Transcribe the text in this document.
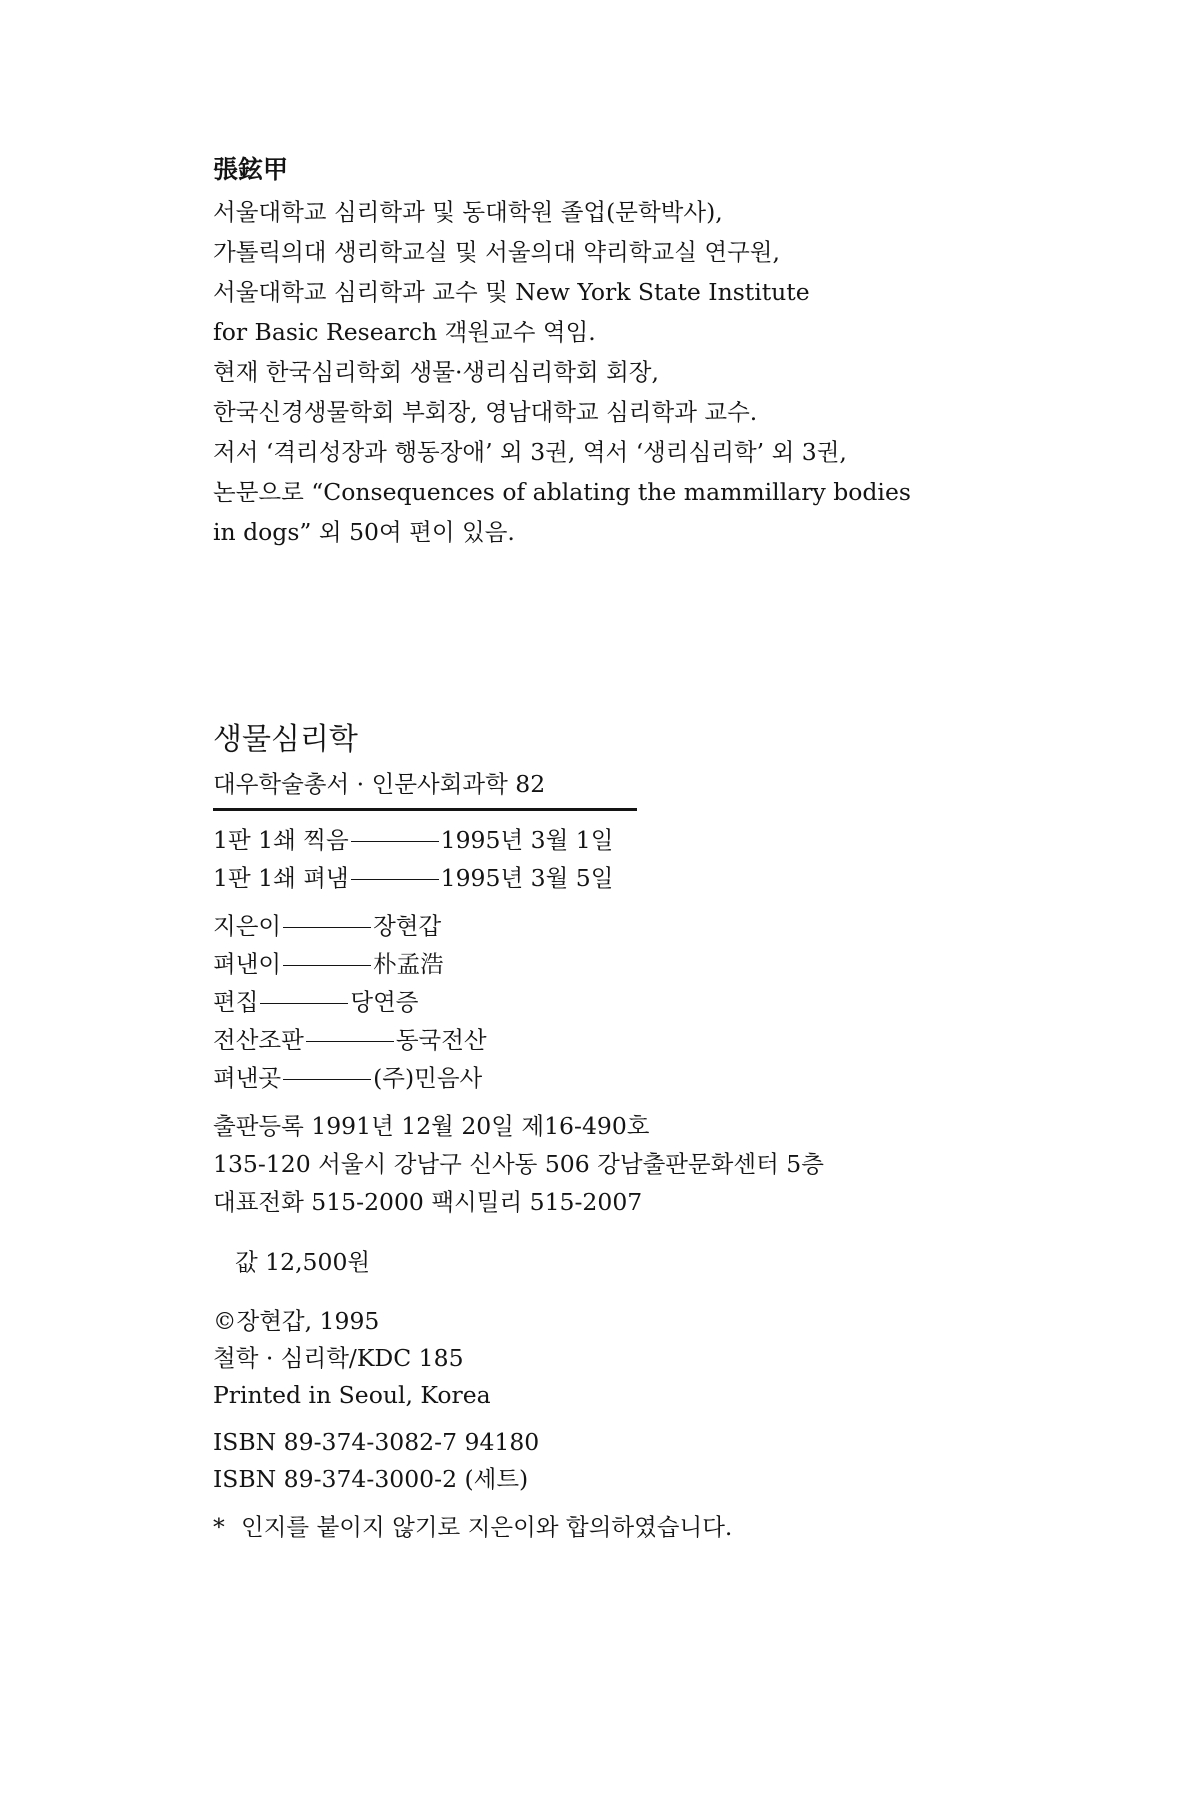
張鉉甲
서울대학교 심리학과 및 동대학원 졸업(문학박사),
가톨릭의대 생리학교실 및 서울의대 약리학교실 연구원,
서울대학교 심리학과 교수 및 New York State Institute
for Basic Research 객원교수 역임.
현재 한국심리학회 생물·생리심리학회 회장,
한국신경생물학회 부회장, 영남대학교 심리학과 교수.
저서 ‘격리성장과 행동장애’ 외 3권, 역서 ‘생리심리학’ 외 3권,
논문으로 “Consequences of ablating the mammillary bodies
in dogs” 외 50여 편이 있음.
생물심리학
대우학술총서 · 인문사회과학 82
1판 1쇄 찍음	1995년 3월 1일
1판 1쇄 펴냄	1995년 3월 5일
지은이	장현갑
펴낸이	朴孟浩
편집	당연증
전산조판	동국전산
펴낸곳	(주)민음사
출판등록 1991년 12월 20일 제16-490호
135-120 서울시 강남구 신사동 506 강남출판문화센터 5층
대표전화 515-2000 팩시밀리 515-2007
값 12,500원
©장현갑, 1995
철학 · 심리학/KDC 185
Printed in Seoul, Korea
ISBN 89-374-3082-7 94180
ISBN 89-374-3000-2 (세트)
* 인지를 붙이지 않기로 지은이와 합의하였습니다.
